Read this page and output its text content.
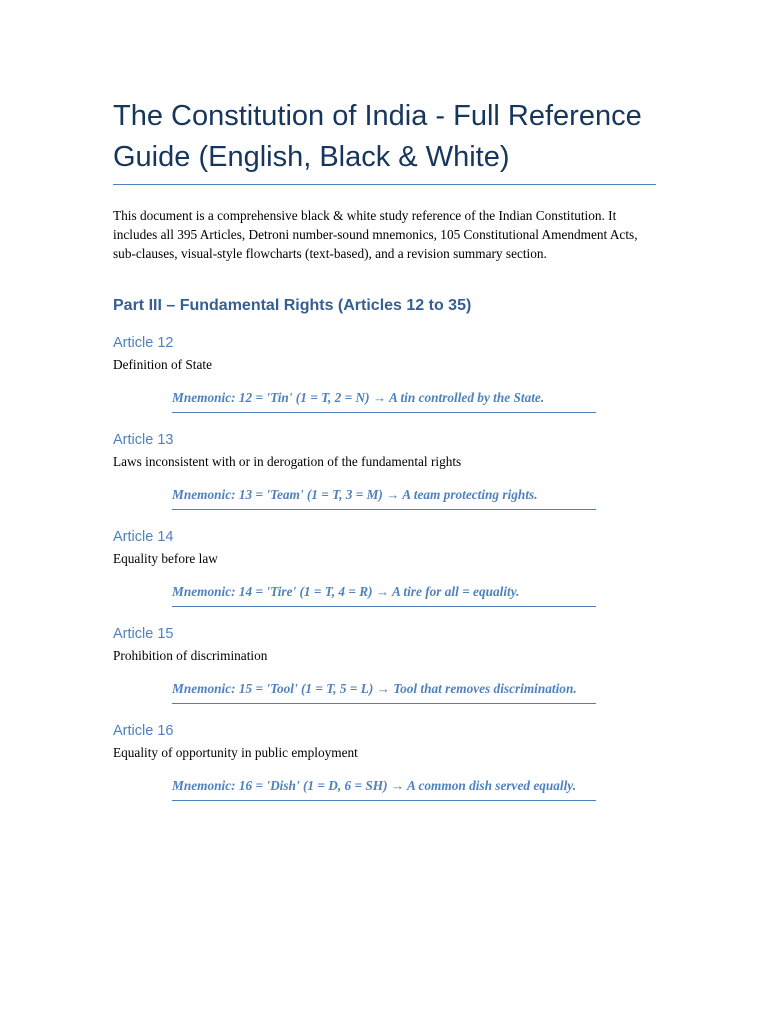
The Constitution of India - Full Reference Guide (English, Black & White)

This document is a comprehensive black & white study reference of the Indian Constitution. It includes all 395 Articles, Detroni number-sound mnemonics, 105 Constitutional Amendment Acts, sub-clauses, visual-style flowcharts (text-based), and a revision summary section.

Part III – Fundamental Rights (Articles 12 to 35)
Article 12

Definition of State

Mnemonic: 12 = 'Tin' (1 = T, 2 = N) → A tin controlled by the State.
Article 13

Laws inconsistent with or in derogation of the fundamental rights

Mnemonic: 13 = 'Team' (1 = T, 3 = M) → A team protecting rights.
Article 14

Equality before law

Mnemonic: 14 = 'Tire' (1 = T, 4 = R) → A tire for all = equality.
Article 15

Prohibition of discrimination

Mnemonic: 15 = 'Tool' (1 = T, 5 = L) → Tool that removes discrimination.
Article 16

Equality of opportunity in public employment

Mnemonic: 16 = 'Dish' (1 = D, 6 = SH) → A common dish served equally.
